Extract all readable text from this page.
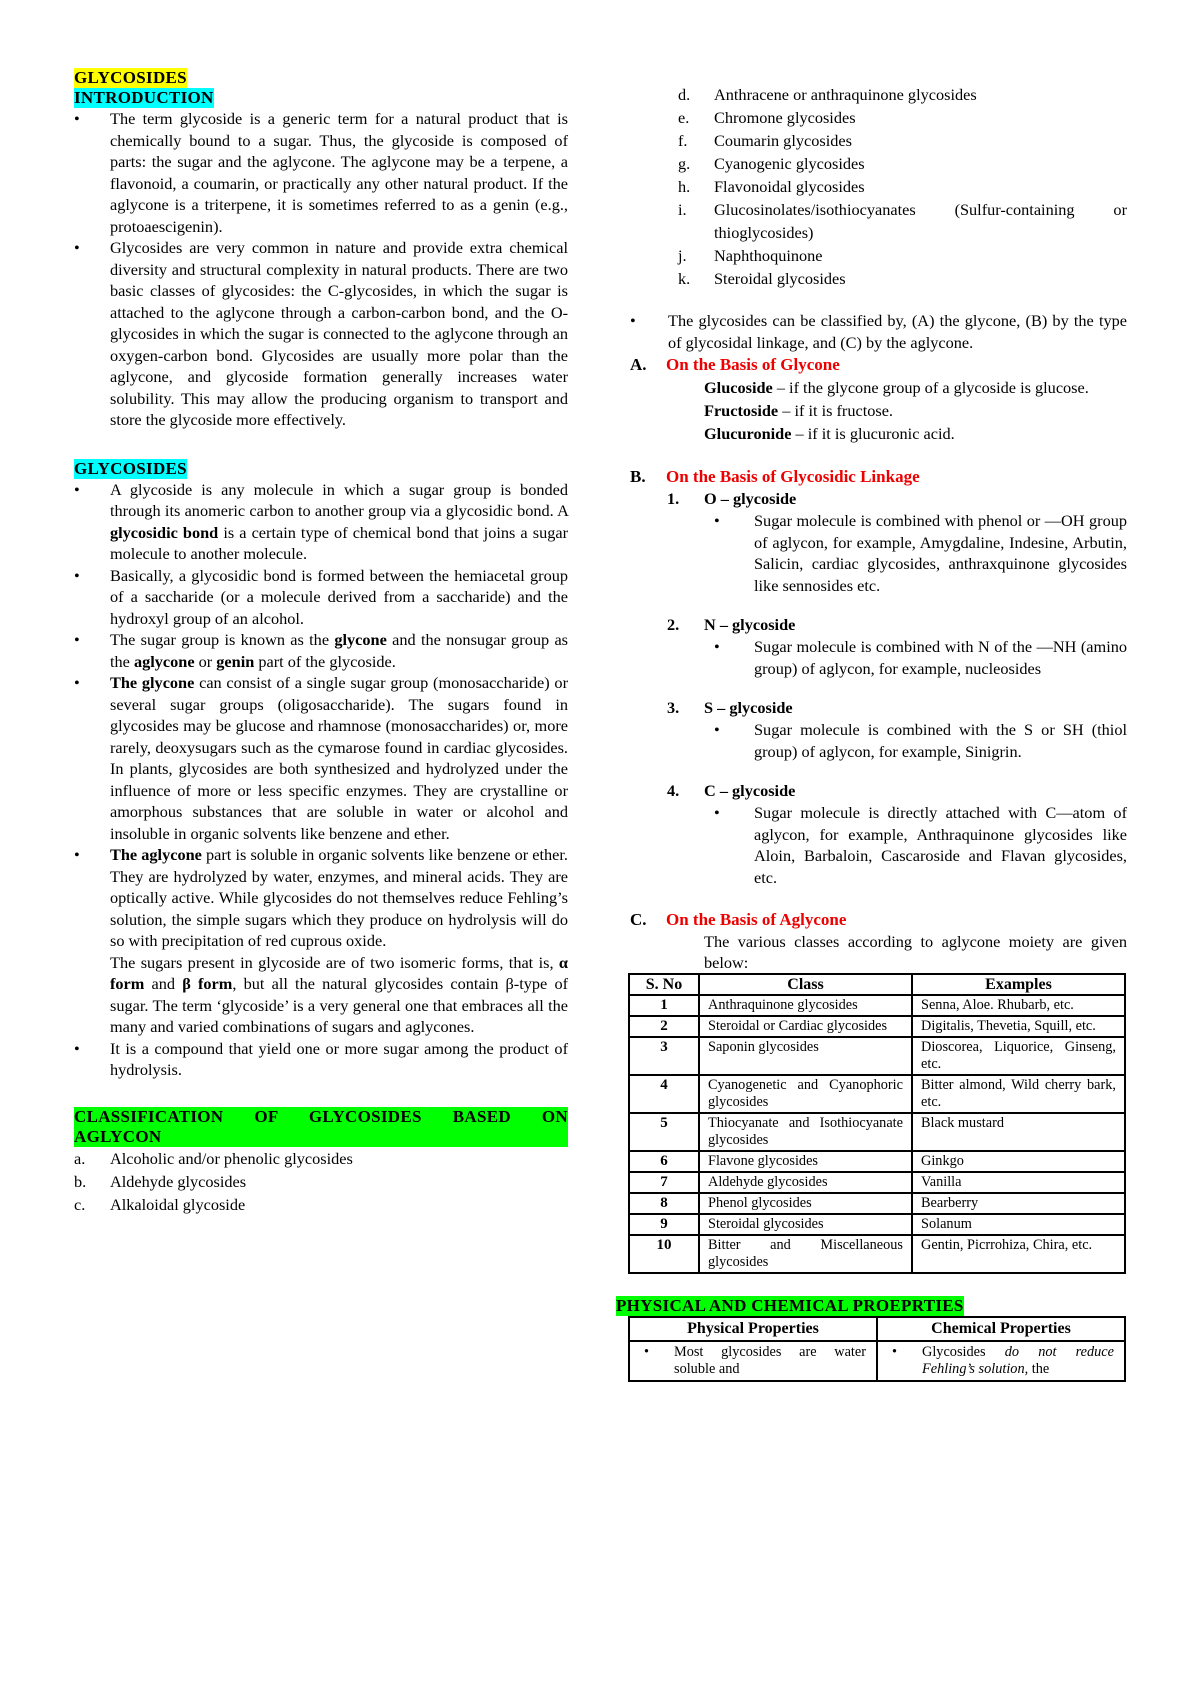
GLYCOSIDES
INTRODUCTION
• The term glycoside is a generic term for a natural product that is chemically bound to a sugar. Thus, the glycoside is composed of parts: the sugar and the aglycone. The aglycone may be a terpene, a flavonoid, a coumarin, or practically any other natural product. If the aglycone is a triterpene, it is sometimes referred to as a genin (e.g., protoaescigenin).
• Glycosides are very common in nature and provide extra chemical diversity and structural complexity in natural products. There are two basic classes of glycosides: the C-glycosides, in which the sugar is attached to the aglycone through a carbon-carbon bond, and the O-glycosides in which the sugar is connected to the aglycone through an oxygen-carbon bond. Glycosides are usually more polar than the aglycone, and glycoside formation generally increases water solubility. This may allow the producing organism to transport and store the glycoside more effectively.
GLYCOSIDES
• A glycoside is any molecule in which a sugar group is bonded through its anomeric carbon to another group via a glycosidic bond. A glycosidic bond is a certain type of chemical bond that joins a sugar molecule to another molecule.
• Basically, a glycosidic bond is formed between the hemiacetal group of a saccharide (or a molecule derived from a saccharide) and the hydroxyl group of an alcohol.
• The sugar group is known as the glycone and the nonsugar group as the aglycone or genin part of the glycoside.
• The glycone can consist of a single sugar group (monosaccharide) or several sugar groups (oligosaccharide). The sugars found in glycosides may be glucose and rhamnose (monosaccharides) or, more rarely, deoxysugars such as the cymarose found in cardiac glycosides. In plants, glycosides are both synthesized and hydrolyzed under the influence of more or less specific enzymes. They are crystalline or amorphous substances that are soluble in water or alcohol and insoluble in organic solvents like benzene and ether.
• The aglycone part is soluble in organic solvents like benzene or ether. They are hydrolyzed by water, enzymes, and mineral acids. They are optically active. While glycosides do not themselves reduce Fehling’s solution, the simple sugars which they produce on hydrolysis will do so with precipitation of red cuprous oxide.
The sugars present in glycoside are of two isomeric forms, that is, α form and β form, but all the natural glycosides contain β-type of sugar. The term ‘glycoside’ is a very general one that embraces all the many and varied combinations of sugars and aglycones.
• It is a compound that yield one or more sugar among the product of hydrolysis.
CLASSIFICATION OF GLYCOSIDES BASED ON AGLYCON
a. Alcoholic and/or phenolic glycosides
b. Aldehyde glycosides
c. Alkaloidal glycoside
d.	Anthracene or anthraquinone glycosides
e.	Chromone glycosides
f.	Coumarin glycosides
g.	Cyanogenic glycosides
h.	Flavonoidal glycosides
i.	Glucosinolates/isothiocyanates (Sulfur-containing or thioglycosides)
j.	Naphthoquinone
k.	Steroidal glycosides
• The glycosides can be classified by, (A) the glycone, (B) by the type of glycosidal linkage, and (C) by the aglycone.
A. On the Basis of Glycone

Glucoside – if the glycone group of a glycoside is glucose.

Fructoside – if it is fructose.

Glucuronide – if it is glucuronic acid.

B. On the Basis of Glycosidic Linkage
1. O – glycoside
• Sugar molecule is combined with phenol or —OH group of aglycon, for example, Amygdaline, Indesine, Arbutin, Salicin, cardiac glycosides, anthraxquinone glycosides like sennosides etc.
2. N – glycoside
• Sugar molecule is combined with N of the —NH (amino group) of aglycon, for example, nucleosides
3. S – glycoside
• Sugar molecule is combined with the S or SH (thiol group) of aglycon, for example, Sinigrin.
4. C – glycoside
• Sugar molecule is directly attached with C—atom of aglycon, for example, Anthraquinone glycosides like Aloin, Barbaloin, Cascaroside and Flavan glycosides, etc.
C. On the Basis of Aglycone

The various classes according to aglycone moiety are given below:

S. No	Class	Examples
1	Anthraquinone glycosides	Senna, Aloe. Rhubarb, etc.
2	Steroidal or Cardiac glycosides	Digitalis, Thevetia, Squill, etc.
3	Saponin glycosides	Dioscorea, Liquorice, Ginseng, etc.
4	Cyanogenetic and Cyanophoric glycosides	Bitter almond, Wild cherry bark, etc.
5	Thiocyanate and Isothiocyanate glycosides	Black mustard
6	Flavone glycosides	Ginkgo
7	Aldehyde glycosides	Vanilla
8	Phenol glycosides	Bearberry
9	Steroidal glycosides	Solanum
10	Bitter and Miscellaneous glycosides	Gentin, Picrrohiza, Chira, etc.
PHYSICAL AND CHEMICAL PROEPRTIES
Physical Properties	Chemical Properties

• Most glycosides are water soluble and	• Glycosides do not reduce Fehling’s solution, the
